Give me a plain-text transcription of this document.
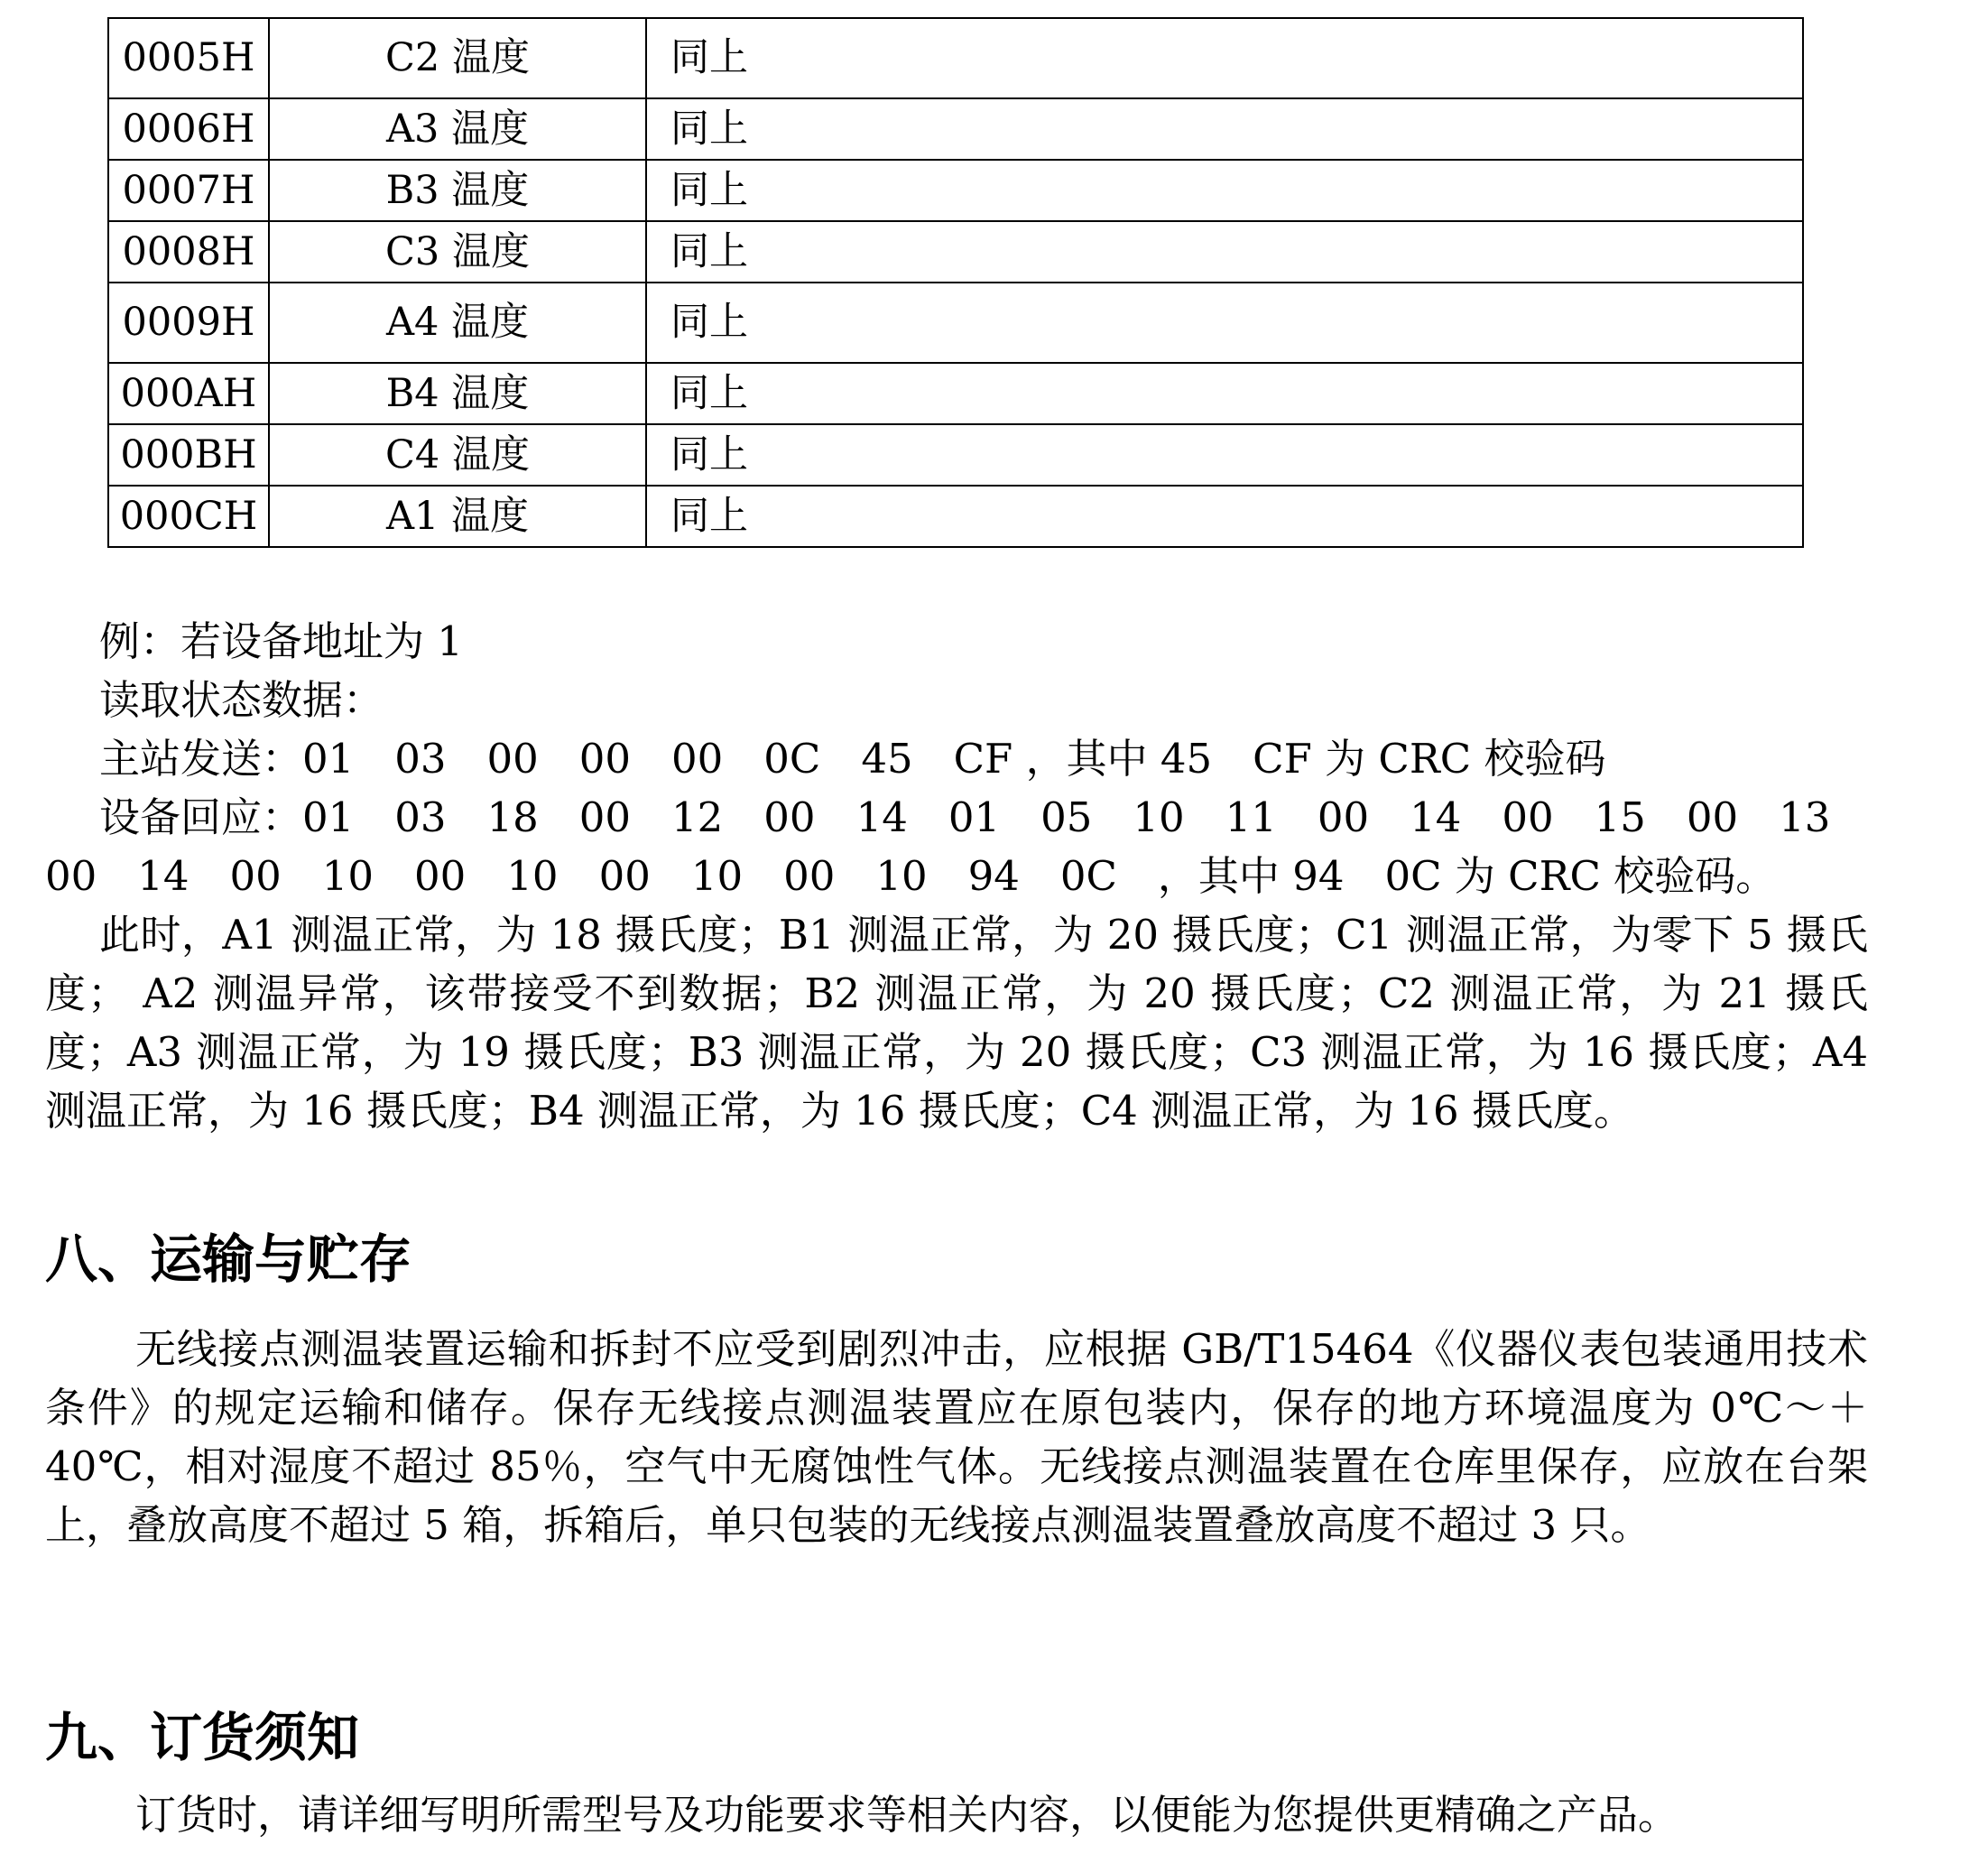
0005H	C2 温度	同上
0006H	A3 温度	同上
0007H	B3 温度	同上
0008H	C3 温度	同上
0009H	A4 温度	同上
000AH	B4 温度	同上
000BH	C4 温度	同上
000CH	A1 温度	同上
例：若设备地址为 1
读取状态数据：
主站发送：01　03　00　00　00　0C　45　CF ，其中 45　CF 为 CRC 校验码
设备回应：01　03　18　00　12　00　14　01　05　10　11　00　14　00　15　00　13
00　14　00　10　00　10　00　10　00　10　94　0C　，其中 94　0C 为 CRC 校验码。
此时，A1 测温正常，为 18 摄氏度；B1 测温正常，为 20 摄氏度；C1 测温正常，为零下 5 摄氏度； A2 测温异常，该带接受不到数据；B2 测温正常，为 20 摄氏度；C2 测温正常，为 21 摄氏度；A3 测温正常，为 19 摄氏度；B3 测温正常，为 20 摄氏度；C3 测温正常，为 16 摄氏度；A4 测温正常，为 16 摄氏度；B4 测温正常，为 16 摄氏度；C4 测温正常，为 16 摄氏度。
八、运输与贮存
无线接点测温装置运输和拆封不应受到剧烈冲击，应根据 GB/T15464《仪器仪表包装通用技术条件》的规定运输和储存。保存无线接点测温装置应在原包装内，保存的地方环境温度为 0℃～＋40℃，相对湿度不超过 85％，空气中无腐蚀性气体。无线接点测温装置在仓库里保存，应放在台架上，叠放高度不超过 5 箱，拆箱后，单只包装的无线接点测温装置叠放高度不超过 3 只。
九、订货须知
订货时，请详细写明所需型号及功能要求等相关内容，以便能为您提供更精确之产品。
